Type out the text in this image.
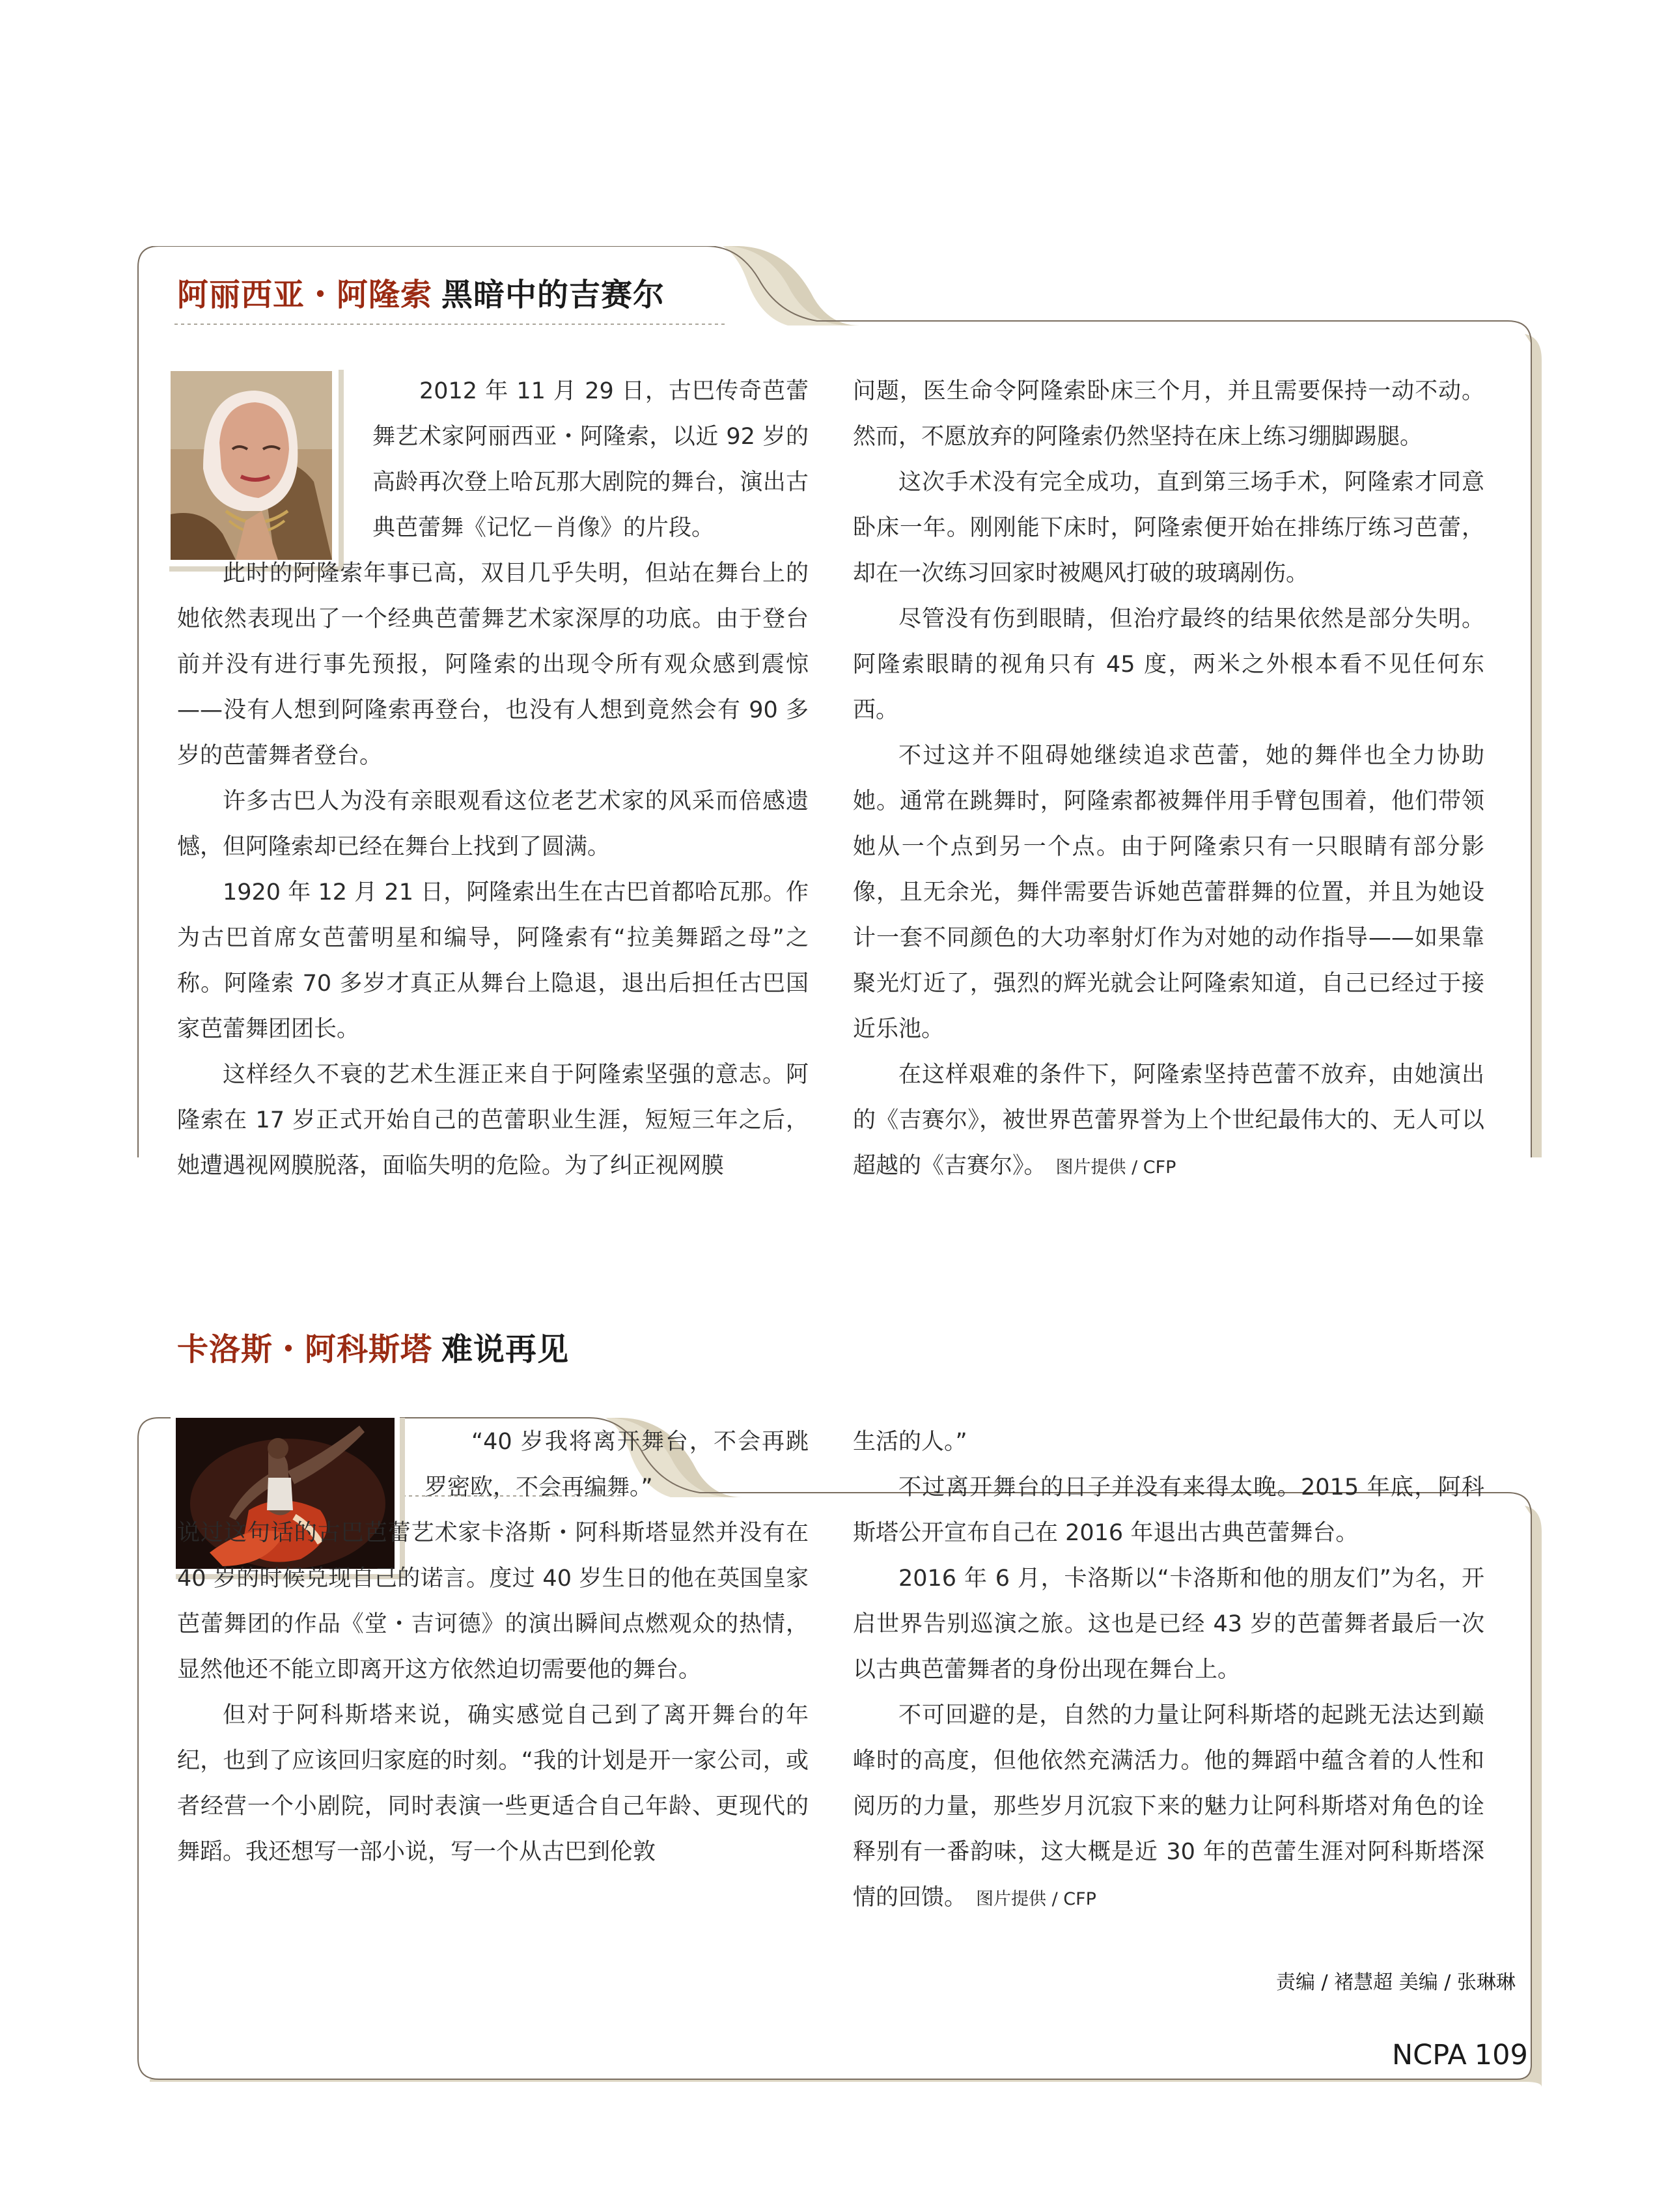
阿丽西亚・阿隆索 黑暗中的吉赛尔

2012 年 11 月 29 日，古巴传奇芭蕾舞艺术家阿丽西亚・阿隆索，以近 92 岁的高龄再次登上哈瓦那大剧院的舞台，演出古典芭蕾舞《记忆－肖像》的片段。

此时的阿隆索年事已高，双目几乎失明，但站在舞台上的她依然表现出了一个经典芭蕾舞艺术家深厚的功底。由于登台前并没有进行事先预报，阿隆索的出现令所有观众感到震惊——没有人想到阿隆索再登台，也没有人想到竟然会有 90 多岁的芭蕾舞者登台。

许多古巴人为没有亲眼观看这位老艺术家的风采而倍感遗憾，但阿隆索却已经在舞台上找到了圆满。

1920 年 12 月 21 日，阿隆索出生在古巴首都哈瓦那。作为古巴首席女芭蕾明星和编导，阿隆索有“拉美舞蹈之母”之称。阿隆索 70 多岁才真正从舞台上隐退，退出后担任古巴国家芭蕾舞团团长。

这样经久不衰的艺术生涯正来自于阿隆索坚强的意志。阿隆索在 17 岁正式开始自己的芭蕾职业生涯，短短三年之后，她遭遇视网膜脱落，面临失明的危险。为了纠正视网膜

问题，医生命令阿隆索卧床三个月，并且需要保持一动不动。然而，不愿放弃的阿隆索仍然坚持在床上练习绷脚踢腿。

这次手术没有完全成功，直到第三场手术，阿隆索才同意卧床一年。刚刚能下床时，阿隆索便开始在排练厅练习芭蕾，却在一次练习回家时被飓风打破的玻璃剐伤。

尽管没有伤到眼睛，但治疗最终的结果依然是部分失明。阿隆索眼睛的视角只有 45 度，两米之外根本看不见任何东西。

不过这并不阻碍她继续追求芭蕾，她的舞伴也全力协助她。通常在跳舞时，阿隆索都被舞伴用手臂包围着，他们带领她从一个点到另一个点。由于阿隆索只有一只眼睛有部分影像，且无余光，舞伴需要告诉她芭蕾群舞的位置，并且为她设计一套不同颜色的大功率射灯作为对她的动作指导——如果靠聚光灯近了，强烈的辉光就会让阿隆索知道，自己已经过于接近乐池。

在这样艰难的条件下，阿隆索坚持芭蕾不放弃，由她演出的《吉赛尔》，被世界芭蕾界誉为上个世纪最伟大的、无人可以超越的《吉赛尔》。 图片提供 / CFP

卡洛斯・阿科斯塔 难说再见

“40 岁我将离开舞台，不会再跳罗密欧，不会再编舞。”

说过这句话的古巴芭蕾艺术家卡洛斯・阿科斯塔显然并没有在 40 岁的时候兑现自己的诺言。度过 40 岁生日的他在英国皇家芭蕾舞团的作品《堂・吉诃德》的演出瞬间点燃观众的热情，显然他还不能立即离开这方依然迫切需要他的舞台。

但对于阿科斯塔来说，确实感觉自己到了离开舞台的年纪，也到了应该回归家庭的时刻。“我的计划是开一家公司，或者经营一个小剧院，同时表演一些更适合自己年龄、更现代的舞蹈。我还想写一部小说，写一个从古巴到伦敦

生活的人。”

不过离开舞台的日子并没有来得太晚。2015 年底，阿科斯塔公开宣布自己在 2016 年退出古典芭蕾舞台。

2016 年 6 月，卡洛斯以“卡洛斯和他的朋友们”为名，开启世界告别巡演之旅。这也是已经 43 岁的芭蕾舞者最后一次以古典芭蕾舞者的身份出现在舞台上。

不可回避的是，自然的力量让阿科斯塔的起跳无法达到巅峰时的高度，但他依然充满活力。他的舞蹈中蕴含着的人性和阅历的力量，那些岁月沉寂下来的魅力让阿科斯塔对角色的诠释别有一番韵味，这大概是近 30 年的芭蕾生涯对阿科斯塔深情的回馈。 图片提供 / CFP

责编 / 褚慧超 美编 / 张琳琳
NCPA 109
